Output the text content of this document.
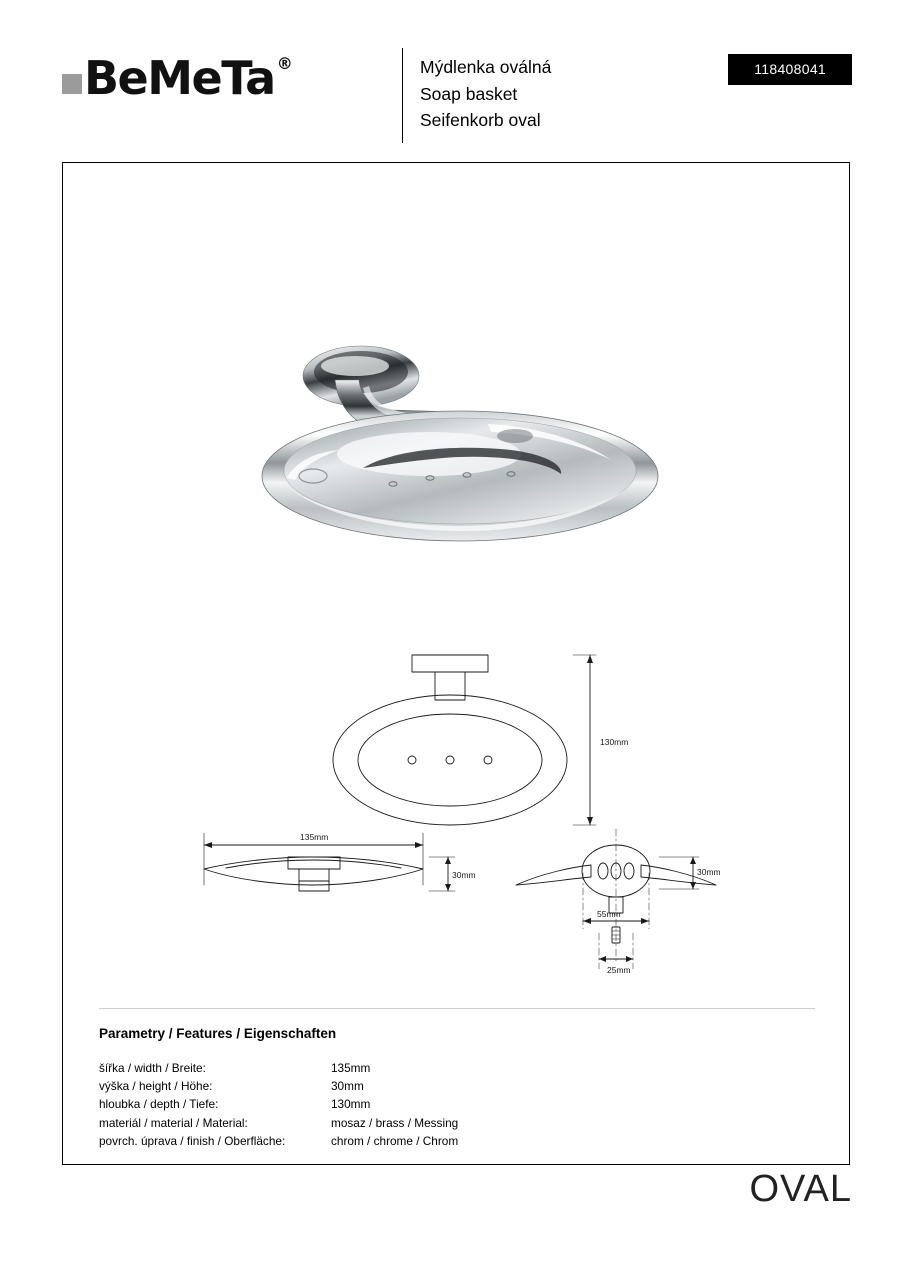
BeMeTa ®	Mýdlenka oválná
Soap basket
Seifenkorb oval
118408041
130mm
135mm
30mm	30mm
55mm
25mm
Parametry / Features / Eigenschaften
šířka / width / Breite:	135mm
výška / height / Höhe:	30mm
hloubka / depth / Tiefe:	130mm
materiál / material / Material:	mosaz / brass / Messing
povrch. úprava / finish / Oberfläche:	chrom / chrome / Chrom
OVAL
